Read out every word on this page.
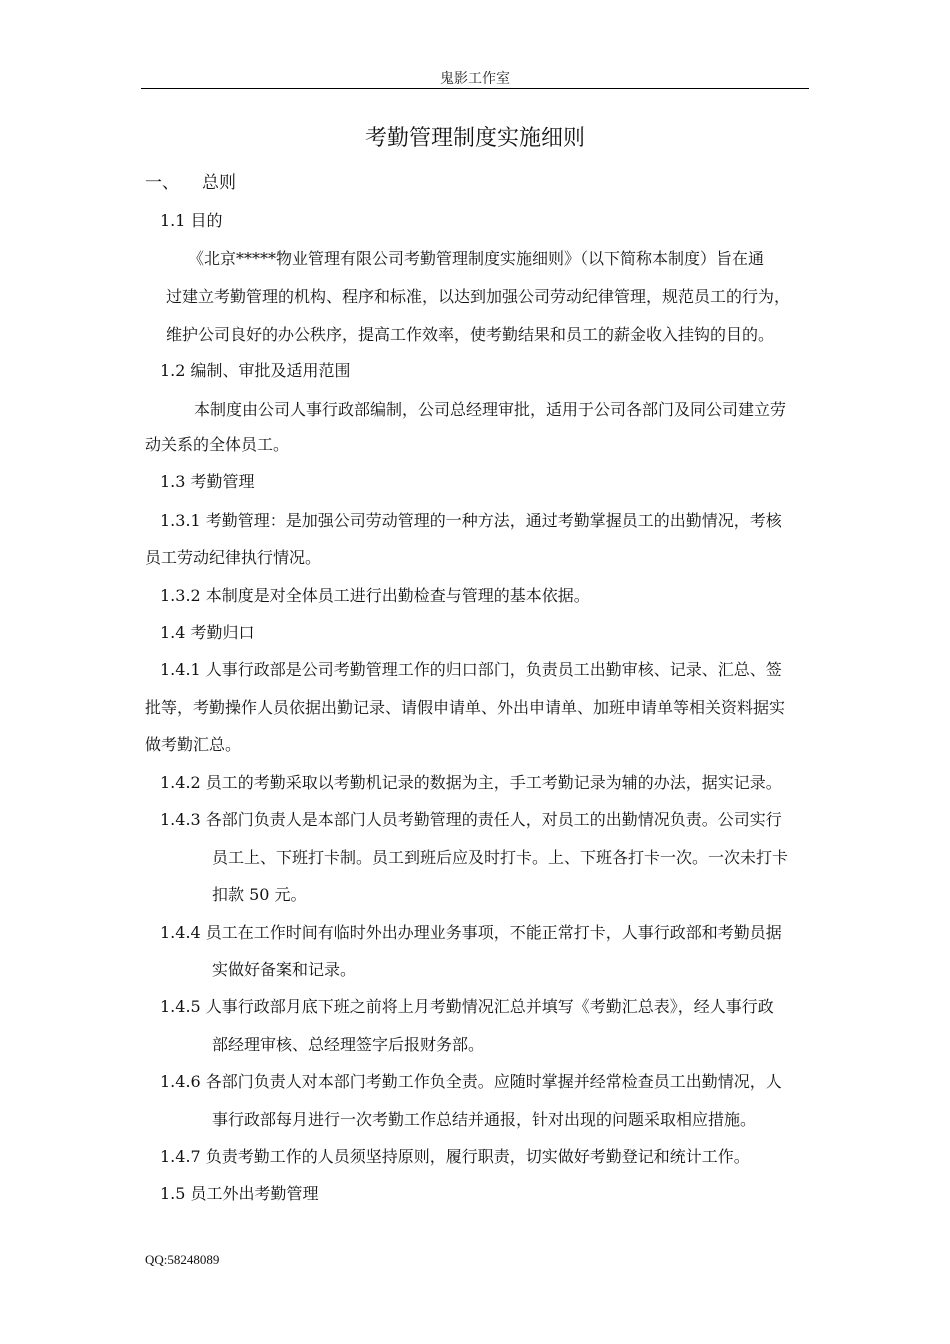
鬼影工作室
考勤管理制度实施细则
一、 总则
1.1 目的
《北京*****物业管理有限公司考勤管理制度实施细则》（以下简称本制度）旨在通
过建立考勤管理的机构、程序和标准，以达到加强公司劳动纪律管理，规范员工的行为，
维护公司良好的办公秩序，提高工作效率，使考勤结果和员工的薪金收入挂钩的目的。
1.2 编制、审批及适用范围
本制度由公司人事行政部编制，公司总经理审批，适用于公司各部门及同公司建立劳
动关系的全体员工。
1.3 考勤管理
1.3.1 考勤管理：是加强公司劳动管理的一种方法，通过考勤掌握员工的出勤情况，考核
员工劳动纪律执行情况。
1.3.2 本制度是对全体员工进行出勤检查与管理的基本依据。
1.4 考勤归口
1.4.1 人事行政部是公司考勤管理工作的归口部门，负责员工出勤审核、记录、汇总、签
批等，考勤操作人员依据出勤记录、请假申请单、外出申请单、加班申请单等相关资料据实
做考勤汇总。
1.4.2 员工的考勤采取以考勤机记录的数据为主，手工考勤记录为辅的办法，据实记录。
1.4.3 各部门负责人是本部门人员考勤管理的责任人，对员工的出勤情况负责。公司实行
员工上、下班打卡制。员工到班后应及时打卡。上、下班各打卡一次。一次未打卡
扣款 50 元。
1.4.4 员工在工作时间有临时外出办理业务事项，不能正常打卡，人事行政部和考勤员据
实做好备案和记录。
1.4.5 人事行政部月底下班之前将上月考勤情况汇总并填写《考勤汇总表》，经人事行政
部经理审核、总经理签字后报财务部。
1.4.6 各部门负责人对本部门考勤工作负全责。应随时掌握并经常检查员工出勤情况，人
事行政部每月进行一次考勤工作总结并通报，针对出现的问题采取相应措施。
1.4.7 负责考勤工作的人员须坚持原则，履行职责，切实做好考勤登记和统计工作。
1.5 员工外出考勤管理
QQ:58248089
